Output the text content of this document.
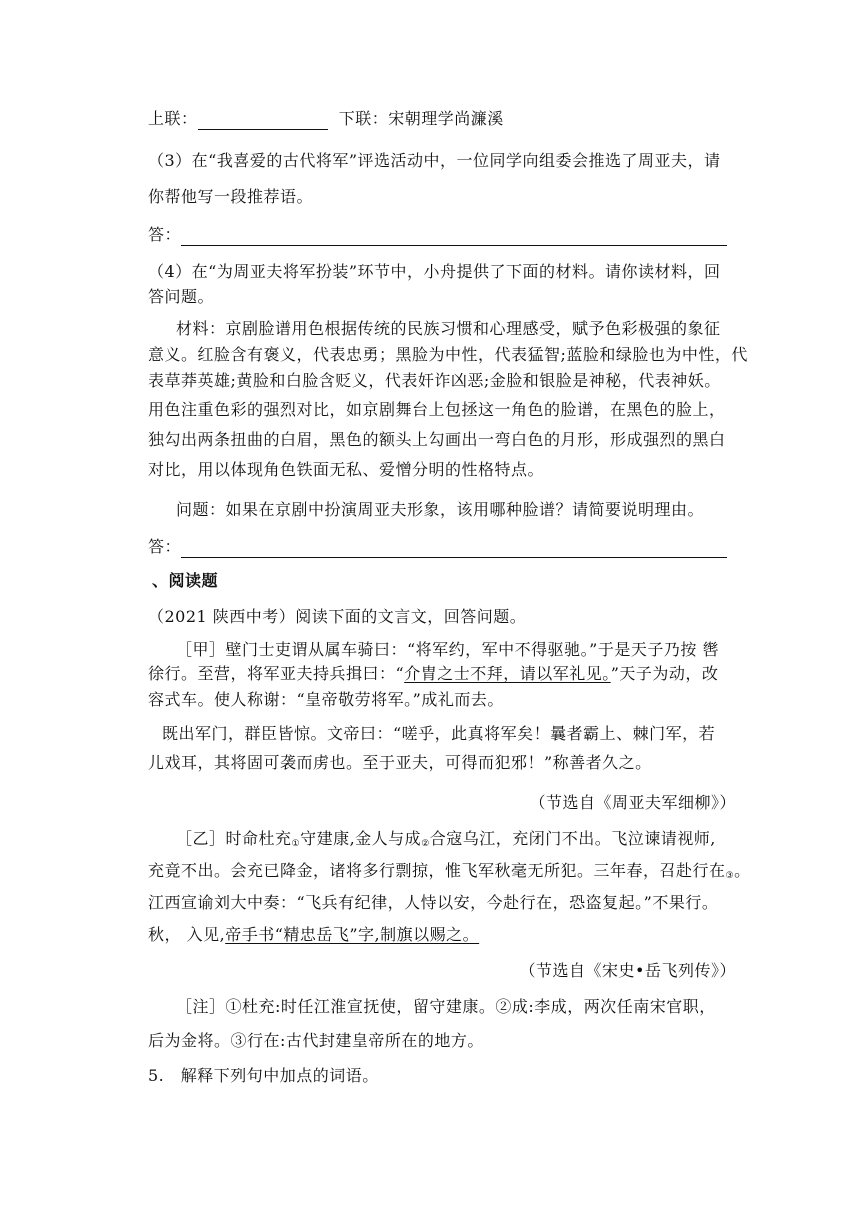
上联：	下联：宋朝理学尚濂溪
（3）在“我喜爱的古代将军”评选活动中，一位同学向组委会推选了周亚夫，请
你帮他写一段推荐语。
答：
（4）在“为周亚夫将军扮装”环节中，小舟提供了下面的材料。请你读材料，回
答问题。
材料：京剧脸谱用色根据传统的民族习惯和心理感受，赋予色彩极强的象征
意义。红脸含有褒义，代表忠勇；黑脸为中性，代表猛智;蓝脸和绿脸也为中性，代
表草莽英雄;黄脸和白脸含贬义，代表奸诈凶恶;金脸和银脸是神秘，代表神妖。
用色注重色彩的强烈对比，如京剧舞台上包拯这一角色的脸谱，在黑色的脸上，
独勾出两条扭曲的白眉，黑色的额头上勾画出一弯白色的月形，形成强烈的黑白
对比，用以体现角色铁面无私、爱憎分明的性格特点。
问题：如果在京剧中扮演周亚夫形象，该用哪种脸谱？请简要说明理由。
答：
、阅读题
（2021 陕西中考）阅读下面的文言文，回答问题。
［甲］壁门士吏谓从属车骑曰：“将军约，军中不得驱驰。”于是天子乃按 辔
徐行。至营，将军亚夫持兵揖曰：“介胄之士不拜，请以军礼见。”天子为动，改
容式车。使人称谢：“皇帝敬劳将军。”成礼而去。
既出军门，群臣皆惊。文帝曰：“嗟乎，此真将军矣！曩者霸上、棘门军，若
儿戏耳，其将固可袭而虏也。至于亚夫，可得而犯邪！”称善者久之。
（节选自《周亚夫军细柳》）
［乙］时命杜充$_①$守建康,金人与成$_②$合寇乌江，充闭门不出。飞泣谏请视师,
充竟不出。会充已降金，诸将多行剽掠，惟飞军秋毫无所犯。三年春，召赴行在$_③$。
江西宣谕刘大中奏：“飞兵有纪律，人恃以安，今赴行在，恐盗复起。”不果行。
秋， 入见,帝手书“精忠岳飞”字,制旗以赐之。
（节选自《宋史•岳飞列传》）
［注］①杜充:时任江淮宣抚使，留守建康。②成:李成，两次任南宋官职，
后为金将。③行在:古代封建皇帝所在的地方。
5.　解释下列句中加点的词语。
